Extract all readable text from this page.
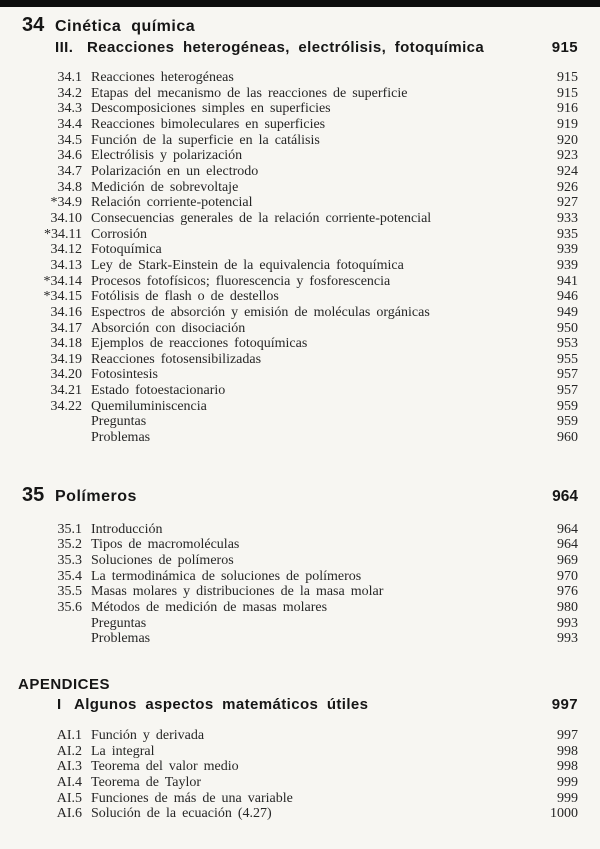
34 Cinética química
III. Reacciones heterogéneas, electrólisis, fotoquímica	915
34.1 Reacciones heterogéneas	915
34.2 Etapas del mecanismo de las reacciones de superficie	915
34.3 Descomposiciones simples en superficies	916
34.4 Reacciones bimoleculares en superficies	919
34.5 Función de la superficie en la catálisis	920
34.6 Electrólisis y polarización	923
34.7 Polarización en un electrodo	924
34.8 Medición de sobrevoltaje	926
*34.9 Relación corriente-potencial	927
34.10 Consecuencias generales de la relación corriente-potencial	933
*34.11 Corrosión	935
34.12 Fotoquímica	939
34.13 Ley de Stark-Einstein de la equivalencia fotoquímica	939
*34.14 Procesos fotofísicos; fluorescencia y fosforescencia	941
*34.15 Fotólisis de flash o de destellos	946
34.16 Espectros de absorción y emisión de moléculas orgánicas	949
34.17 Absorción con disociación	950
34.18 Ejemplos de reacciones fotoquímicas	953
34.19 Reacciones fotosensibilizadas	955
34.20 Fotosintesis	957
34.21 Estado fotoestacionario	957
34.22 Quemiluminiscencia	959
Preguntas	959
Problemas	960
35 Polímeros	964
35.1 Introducción	964
35.2 Tipos de macromoléculas	964
35.3 Soluciones de polímeros	969
35.4 La termodinámica de soluciones de polímeros	970
35.5 Masas molares y distribuciones de la masa molar	976
35.6 Métodos de medición de masas molares	980
Preguntas	993
Problemas	993
APENDICES
I Algunos aspectos matemáticos útiles	997
AI.1 Función y derivada	997
AI.2 La integral	998
AI.3 Teorema del valor medio	998
AI.4 Teorema de Taylor	999
AI.5 Funciones de más de una variable	999
AI.6 Solución de la ecuación (4.27)	1000
